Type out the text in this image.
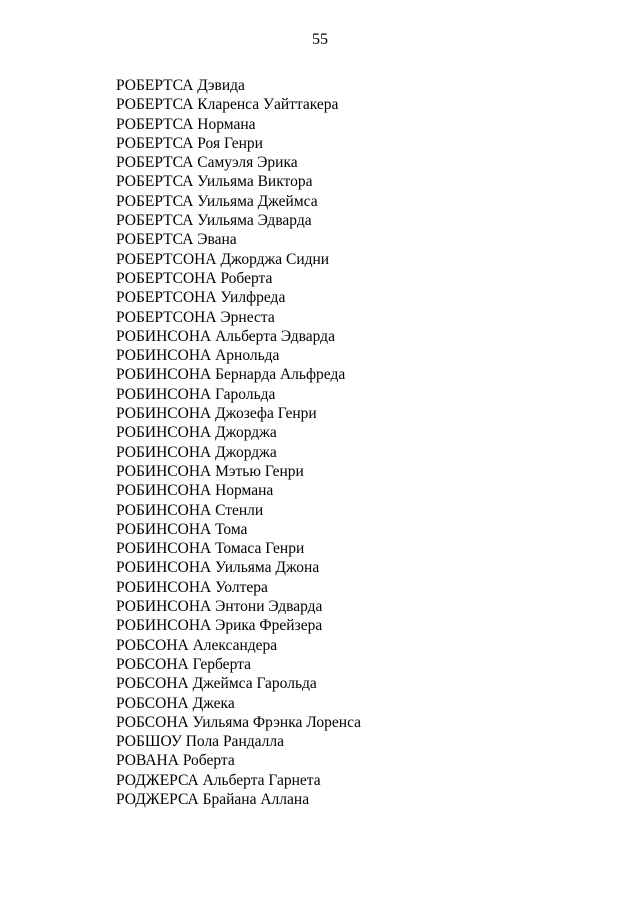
55
РОБЕРТСА Дэвида
РОБЕРТСА Кларенса Уайттакера
РОБЕРТСА Нормана
РОБЕРТСА Роя Генри
РОБЕРТСА Самуэля Эрика
РОБЕРТСА Уильяма Виктора
РОБЕРТСА Уильяма Джеймса
РОБЕРТСА Уильяма Эдварда
РОБЕРТСА Эвана
РОБЕРТСОНА Джорджа Сидни
РОБЕРТСОНА Роберта
РОБЕРТСОНА Уилфреда
РОБЕРТСОНА Эрнеста
РОБИНСОНА Альберта Эдварда
РОБИНСОНА Арнольда
РОБИНСОНА Бернарда Альфреда
РОБИНСОНА Гарольда
РОБИНСОНА Джозефа Генри
РОБИНСОНА Джорджа
РОБИНСОНА Джорджа
РОБИНСОНА Мэтью Генри
РОБИНСОНА Нормана
РОБИНСОНА Стенли
РОБИНСОНА Тома
РОБИНСОНА Томаса Генри
РОБИНСОНА Уильяма Джона
РОБИНСОНА Уолтера
РОБИНСОНА Энтони Эдварда
РОБИНСОНА Эрика Фрейзера
РОБСОНА Александера
РОБСОНА Герберта
РОБСОНА Джеймса Гарольда
РОБСОНА Джека
РОБСОНА Уильяма Фрэнка Лоренса
РОБШОУ Пола Рандалла
РОВАНА Роберта
РОДЖЕРСА Альберта Гарнета
РОДЖЕРСА Брайана Аллана
